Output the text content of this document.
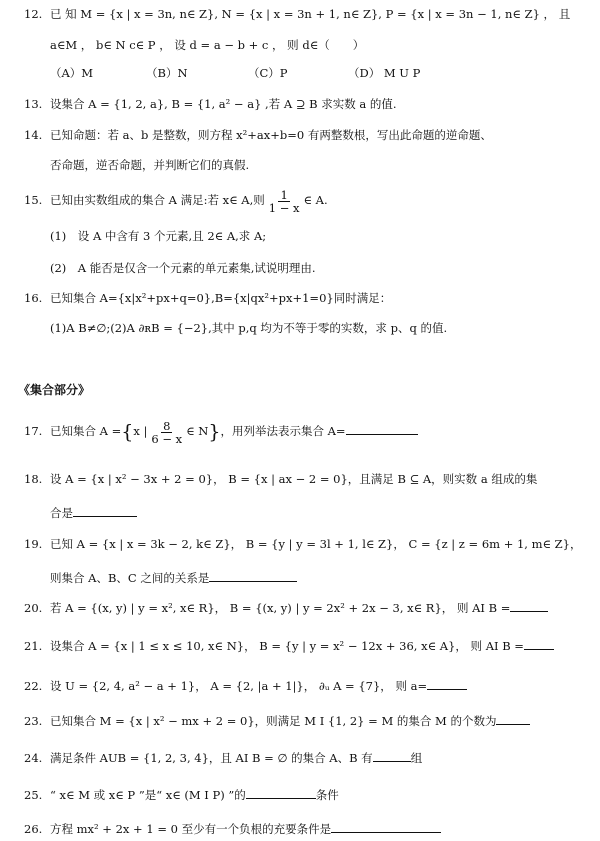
12. 已 知 M = {x | x = 3n, n∈ Z}, N = {x | x = 3n + 1, n∈ Z}, P = {x | x = 3n − 1, n∈ Z} ， 且
a∈M ， b∈ N c∈ P ， 设 d = a − b + c ， 则 d∈（　　）
（A）M	（B）N	（C）P	（D） M U P
13. 设集合 A = {1, 2, a}, B = {1, a² − a} ,若 A ⊇ B 求实数 a 的值.
14. 已知命题：若 a、b 是整数，则方程 x²+ax+b=0 有两整数根，写出此命题的逆命题、
否命题，逆否命题，并判断它们的真假.
15. 已知由实数组成的集合 A 满足:若 x∈ A,则 $\frac{1}{1 - x}$ ∈ A.
(1)　设 A 中含有 3 个元素,且 2∈ A,求 A;
(2)　A 能否是仅含一个元素的单元素集,试说明理由.
16. 已知集合 A={x|x²+px+q=0},B={x|qx²+px+1=0}同时满足：
(1)A B≠∅;(2)A ∂ʀB = {−2},其中 p,q 均为不等于零的实数，求 p、q 的值.
《集合部分》
17. 已知集合 A ={x | $\frac{8}{6 - x}$ ∈ N}，用列举法表示集合 A=
18. 设 A = {x | x² − 3x + 2 = 0}， B = {x | ax − 2 = 0}，且满足 B ⊆ A，则实数 a 组成的集
合是
19. 已知 A = {x | x = 3k − 2, k∈ Z}， B = {y | y = 3l + 1, l∈ Z}， C = {z | z = 6m + 1, m∈ Z}，
则集合 A、B、C 之间的关系是
20. 若 A = {(x, y) | y = x², x∈ R}， B = {(x, y) | y = 2x² + 2x − 3, x∈ R}， 则 AI B =
21. 设集合 A = {x | 1 ≤ x ≤ 10, x∈ N}， B = {y | y = x² − 12x + 36, x∈ A}， 则 AI B =
22. 设 U = {2, 4, a² − a + 1}， A = {2, |a + 1|}， ∂ᵤ A = {7}， 则 a=
23. 已知集合 M = {x | x² − mx + 2 = 0}，则满足 M I {1, 2} = M 的集合 M 的个数为
24. 满足条件 AUB = {1, 2, 3, 4}，且 AI B = ∅ 的集合 A、B 有	组
25. “ x∈ M 或 x∈ P ”是“ x∈ (M I P) ”的	条件
26. 方程 mx² + 2x + 1 = 0 至少有一个负根的充要条件是
